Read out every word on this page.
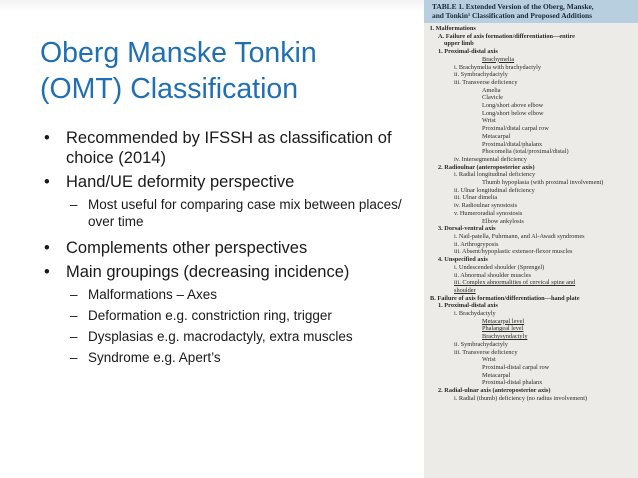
Oberg Manske Tonkin
(OMT) Classification
• Recommended by IFSSH as classification of choice (2014)
• Hand/UE deformity perspective
– Most useful for comparing case mix between places/ over time
• Complements other perspectives
• Main groupings (decreasing incidence)
– Malformations – Axes
– Deformation e.g. constriction ring, trigger
– Dysplasias e.g. macrodactyly, extra muscles
– Syndrome e.g. Apert’s
TABLE 1. Extended Version of the Oberg, Manske,
and Tonkin¹ Classification and Proposed Additions
I. Malformations
A. Failure of axis formation/differentiation—entire
upper limb
1. Proximal-distal axis
Brachymelia
i. Brachymelia with brachydactyly
ii. Symbrachydactyly
iii. Transverse deficiency
Amelia
Clavicle
Long/short above elbow
Long/short below elbow
Wrist
Proximal/distal carpal row
Metacarpal
Proximal/distal/phalanx
Phocomelia (total/proximal/distal)
iv. Intersegmental deficiency
2. Radioulnar (anteroposterior axis)
i. Radial longitudinal deficiency
Thumb hypoplasia (with proximal involvement)
ii. Ulnar longitudinal deficiency
iii. Ulnar dimelia
iv. Radioulnar synostosis
v. Humeroradial synostosis
Elbow ankylosis
3. Dorsal-ventral axis
i. Nail-patella, Fuhrmann, and Al-Awadi syndromes
ii. Arthrogryposis
iii. Absent/hypoplastic extensor-flexor muscles
4. Unspecified axis
i. Undescended shoulder (Sprengel)
ii. Abnormal shoulder muscles
iii. Complex abnormalities of cervical spine and
shoulder
B. Failure of axis formation/differentiation—hand plate
1. Proximal-distal axis
i. Brachydactyly
Metacarpal level
Phalangeal level
Brachysyndactyly
ii. Symbrachydactyly
iii. Transverse deficiency
Wrist
Proximal-distal carpal row
Metacarpal
Proximal-distal phalanx
2. Radial-ulnar axis (anteroposterior axis)
i. Radial (thumb) deficiency (no radius involvement)
